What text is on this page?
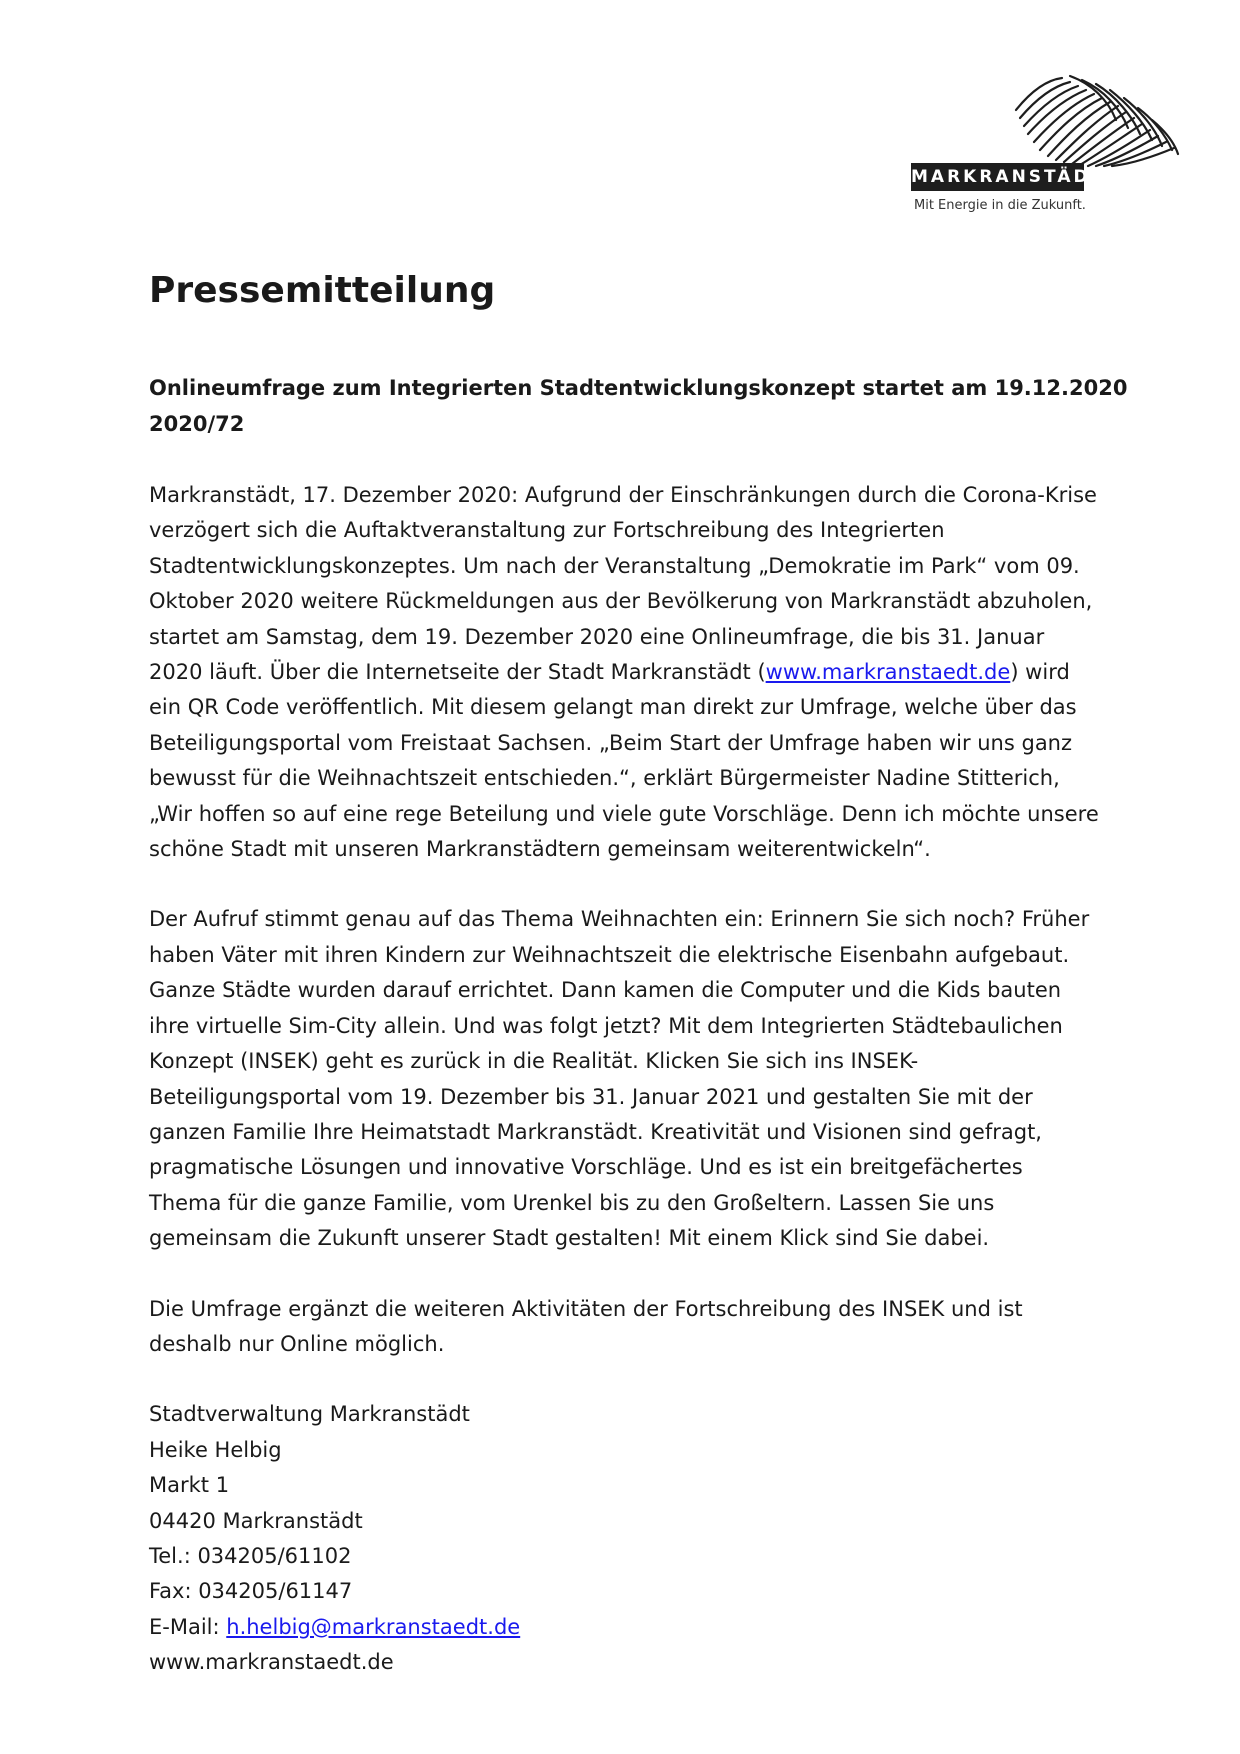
MARKRANSTÄDT
Mit Energie in die Zukunft.
Pressemitteilung
Onlineumfrage zum Integrierten Stadtentwicklungskonzept startet am 19.12.2020
2020/72

Markranstädt, 17. Dezember 2020: Aufgrund der Einschränkungen durch die Corona-Krise verzögert sich die Auftaktveranstaltung zur Fortschreibung des Integrierten Stadtentwicklungskonzeptes. Um nach der Veranstaltung „Demokratie im Park“ vom 09. Oktober 2020 weitere Rückmeldungen aus der Bevölkerung von Markranstädt abzuholen, startet am Samstag, dem 19. Dezember 2020 eine Onlineumfrage, die bis 31. Januar 2020 läuft. Über die Internetseite der Stadt Markranstädt (www.markranstaedt.de) wird ein QR Code veröffentlich. Mit diesem gelangt man direkt zur Umfrage, welche über das Beteiligungsportal vom Freistaat Sachsen. „Beim Start der Umfrage haben wir uns ganz bewusst für die Weihnachtszeit entschieden.“, erklärt Bürgermeister Nadine Stitterich, „Wir hoffen so auf eine rege Beteilung und viele gute Vorschläge. Denn ich möchte unsere schöne Stadt mit unseren Markranstädtern gemeinsam weiterentwickeln“.

Der Aufruf stimmt genau auf das Thema Weihnachten ein: Erinnern Sie sich noch? Früher haben Väter mit ihren Kindern zur Weihnachtszeit die elektrische Eisenbahn aufgebaut. Ganze Städte wurden darauf errichtet. Dann kamen die Computer und die Kids bauten ihre virtuelle Sim-City allein. Und was folgt jetzt? Mit dem Integrierten Städtebaulichen Konzept (INSEK) geht es zurück in die Realität. Klicken Sie sich ins INSEK-Beteiligungsportal vom 19. Dezember bis 31. Januar 2021 und gestalten Sie mit der ganzen Familie Ihre Heimatstadt Markranstädt. Kreativität und Visionen sind gefragt, pragmatische Lösungen und innovative Vorschläge. Und es ist ein breitgefächertes Thema für die ganze Familie, vom Urenkel bis zu den Großeltern. Lassen Sie uns gemeinsam die Zukunft unserer Stadt gestalten! Mit einem Klick sind Sie dabei.

Die Umfrage ergänzt die weiteren Aktivitäten der Fortschreibung des INSEK und ist deshalb nur Online möglich.

Stadtverwaltung Markranstädt
Heike Helbig
Markt 1
04420 Markranstädt
Tel.: 034205/61102
Fax: 034205/61147
E-Mail: h.helbig@markranstaedt.de
www.markranstaedt.de
